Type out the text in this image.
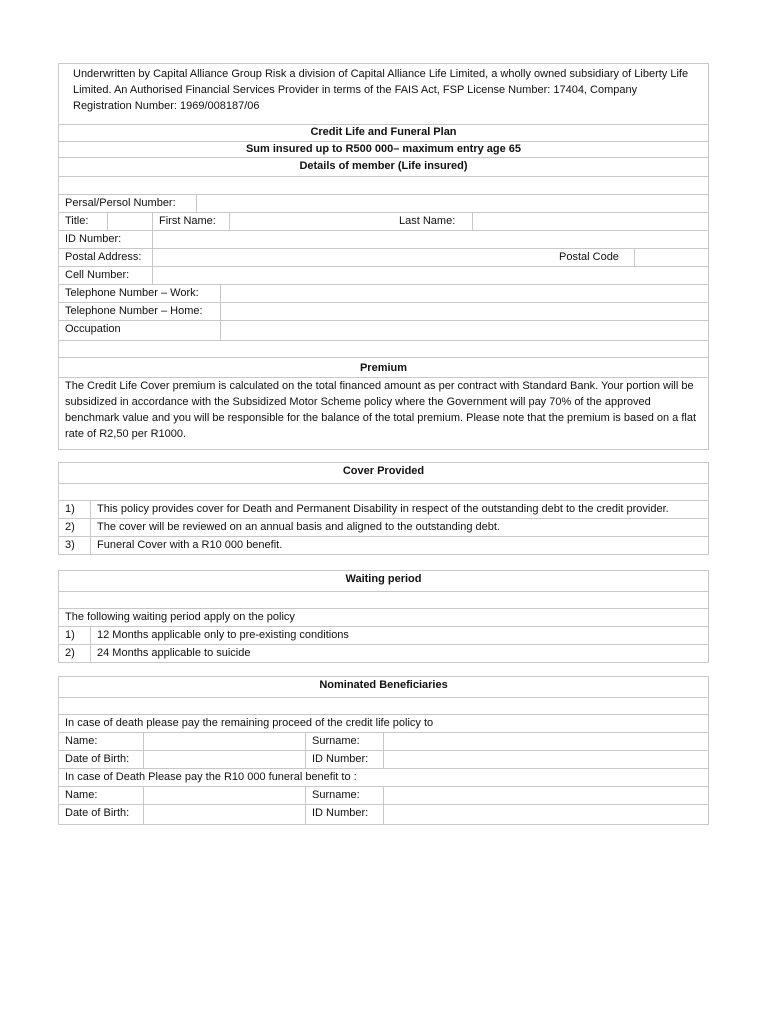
Underwritten by Capital Alliance Group Risk a division of Capital Alliance Life Limited, a wholly owned subsidiary of Liberty Life Limited. An Authorised Financial Services Provider in terms of the FAIS Act, FSP License Number: 17404, Company Registration Number: 1969/008187/06
Credit Life and Funeral Plan
Sum insured up to R500 000– maximum entry age 65
Details of member (Life insured)
Persal/Persol Number:
Title:	First Name:	Last Name:
ID Number:
Postal Address:	Postal Code
Cell Number:
Telephone Number – Work:
Telephone Number – Home:
Occupation
Premium
The Credit Life Cover premium is calculated on the total financed amount as per contract with Standard Bank. Your portion will be subsidized in accordance with the Subsidized Motor Scheme policy where the Government will pay 70% of the approved benchmark value and you will be responsible for the balance of the total premium. Please note that the premium is based on a flat rate of R2,50 per R1000.
Cover Provided
1)	This policy provides cover for Death and Permanent Disability in respect of the outstanding debt to the credit provider.
2)	The cover will be reviewed on an annual basis and aligned to the outstanding debt.
3)	Funeral Cover with a R10 000 benefit.
Waiting period
The following waiting period apply on the policy
1)	12 Months applicable only to pre-existing conditions
2)	24 Months applicable to suicide
Nominated Beneficiaries
In case of death please pay the remaining proceed of the credit life policy to
Name:	Surname:
Date of Birth:	ID Number:
In case of Death Please pay the R10 000 funeral benefit to :
Name:	Surname:
Date of Birth:	ID Number:
